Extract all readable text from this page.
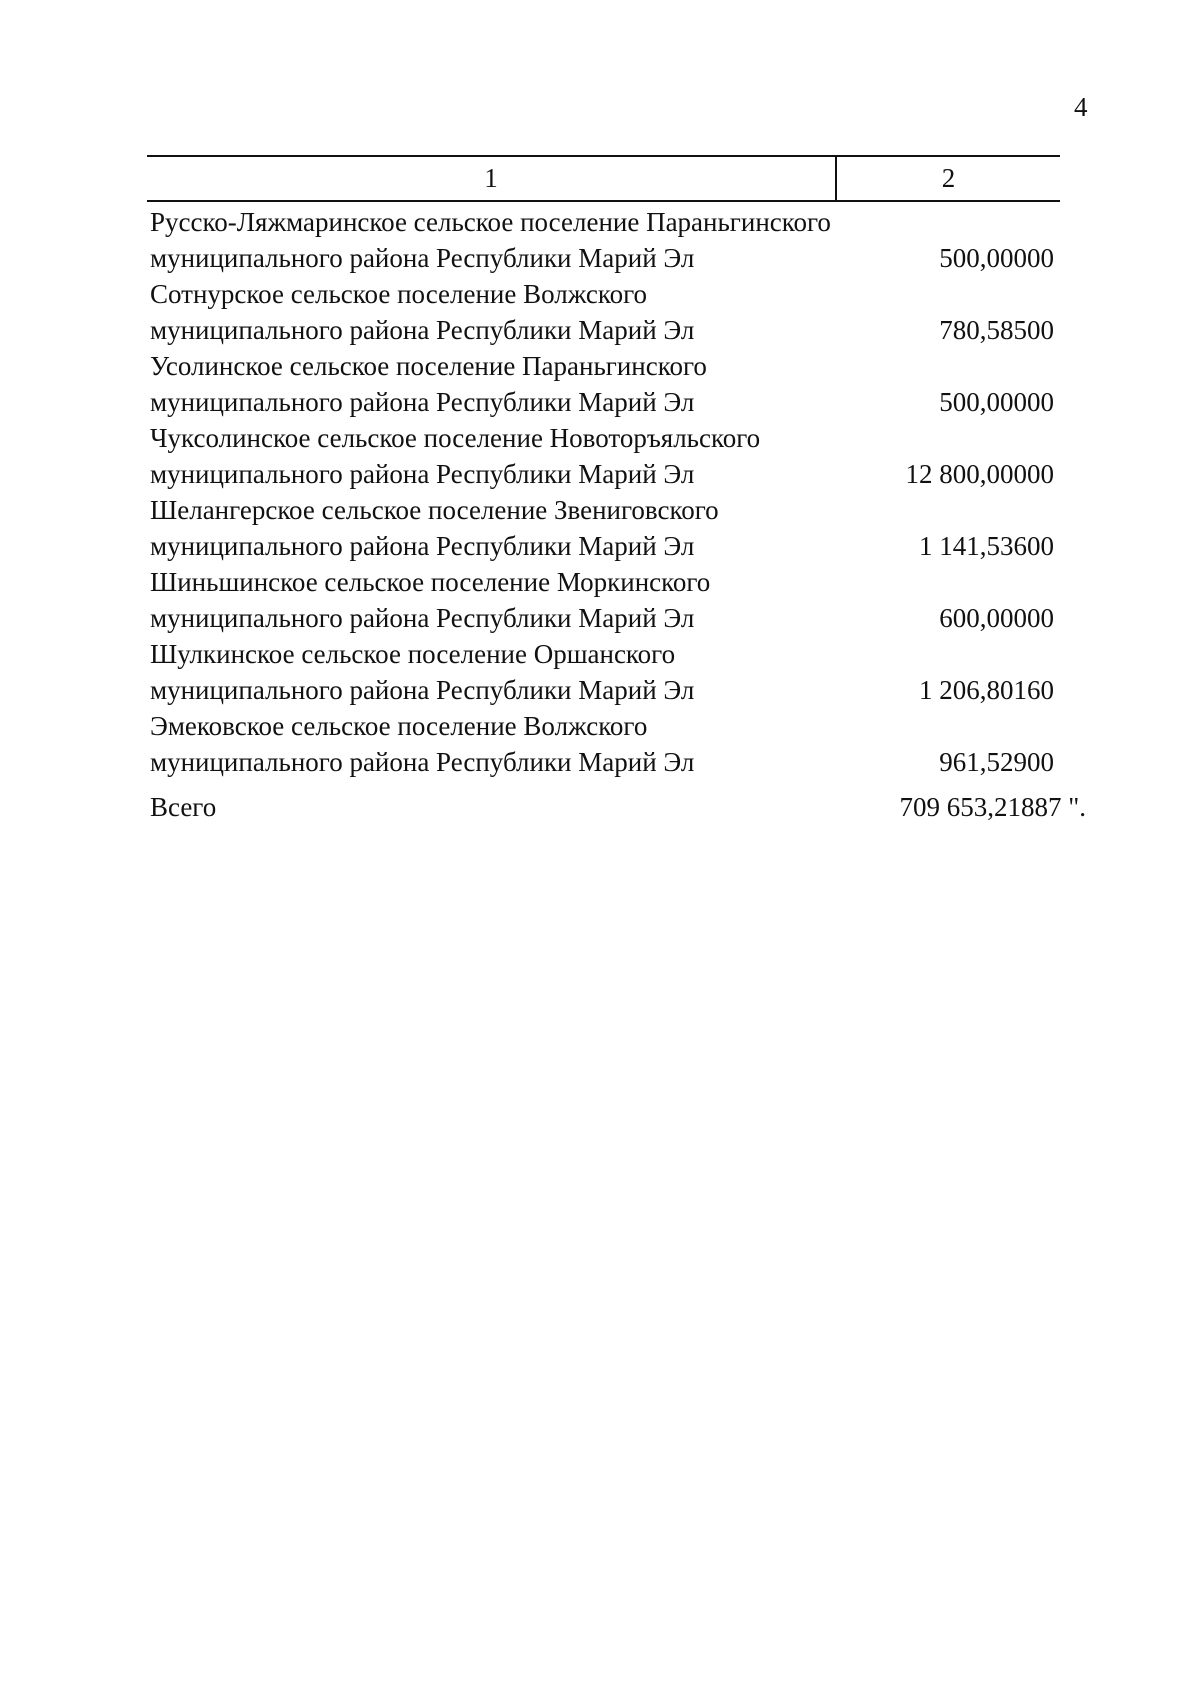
4
1	2
Русско-Ляжмаринское сельское поселение Параньгинского муниципального района Республики Марий Эл	500,00000
Сотнурское сельское поселение Волжского муниципального района Республики Марий Эл	780,58500
Усолинское сельское поселение Параньгинского муниципального района Республики Марий Эл	500,00000
Чуксолинское сельское поселение Новоторъяльского муниципального района Республики Марий Эл	12 800,00000
Шелангерское сельское поселение Звениговского муниципального района Республики Марий Эл	1 141,53600
Шиньшинское сельское поселение Моркинского муниципального района Республики Марий Эл	600,00000
Шулкинское сельское поселение Оршанского муниципального района Республики Марий Эл	1 206,80160
Эмековское сельское поселение Волжского муниципального района Республики Марий Эл	961,52900
Всего	709 653,21887 ".
